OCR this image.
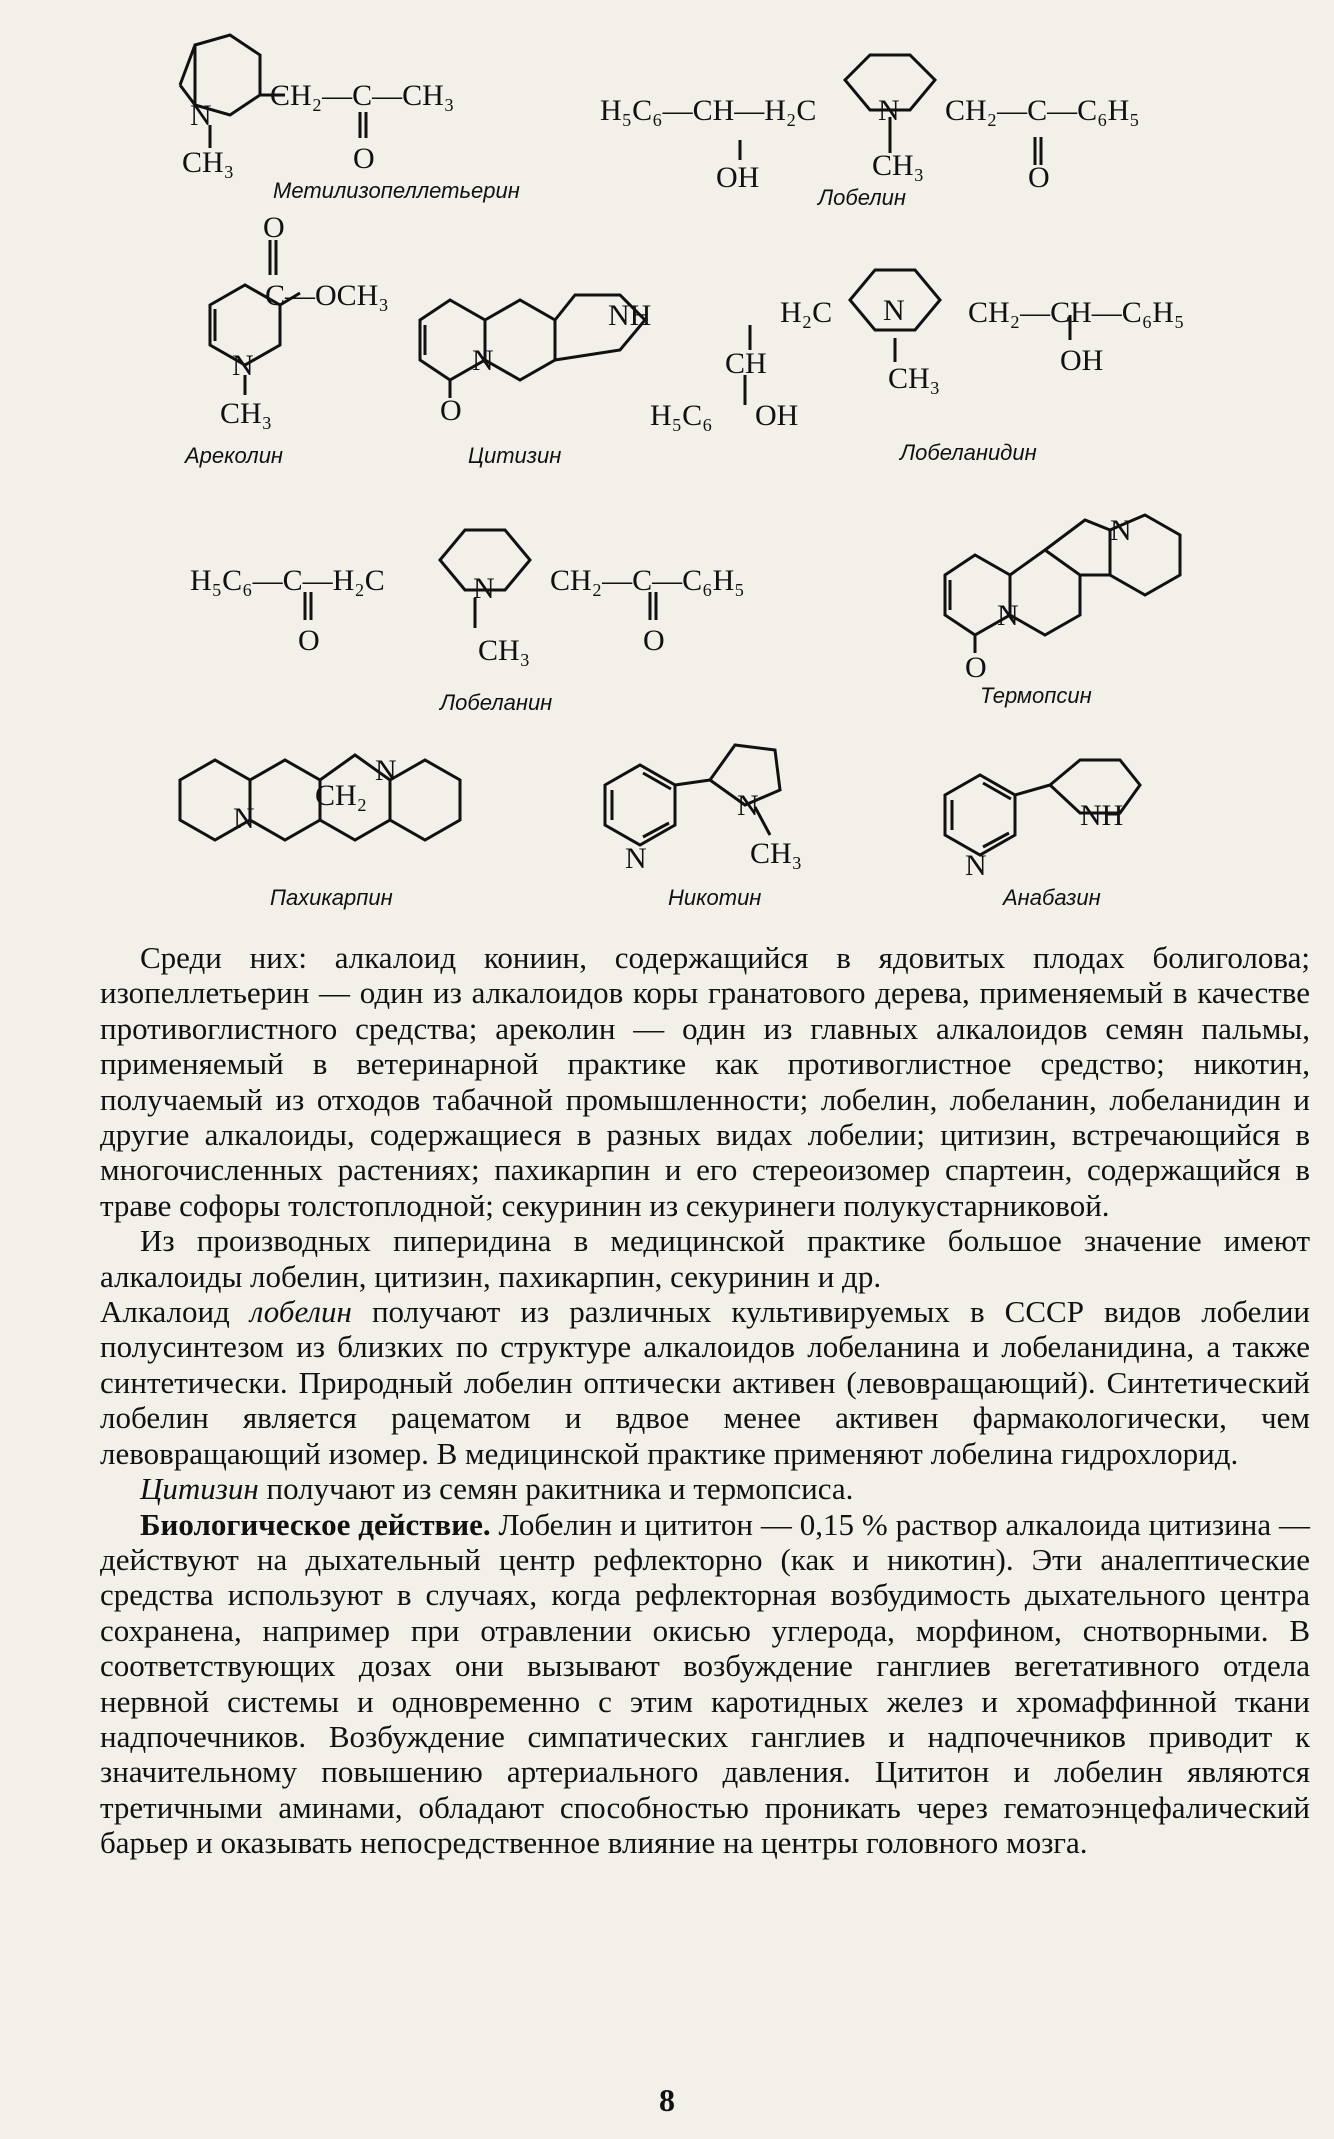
N
CH₃
CH₂—C—CH₃
O
Метилизопеллетьерин
H₅C₆—CH—H₂C
OH
N
CH₃
CH₂—C—C₆H₅
O
Лобелин
O
C—OCH₃
N
CH₃
Ареколин
N
NH
O
Цитизин
H₂C
CH
H₅C₆ OH
N
CH₃
CH₂—CH—C₆H₅
OH
Лобеланидин
H₅C₆—C—H₂C
O
N
CH₃
CH₂—C—C₆H₅
O
Лобеланин
N
N
O
Термопсин
N
N
CH₂
Пахикарпин
N
N
CH₃
Никотин
N
NH
Анабазин

Среди них: алкалоид кониин, содержащийся в ядовитых плодах болиголова; изопеллетьерин — один из алкалоидов коры гранатового дерева, применяемый в качестве противоглистного средства; ареколин — один из главных алкалоидов семян пальмы, применяемый в ветеринарной практике как противоглистное средство; никотин, получаемый из отходов табачной промышленности; лобелин, лобеланин, лобеланидин и другие алкалоиды, содержащиеся в разных видах лобелии; цитизин, встречающийся в многочисленных растениях; пахикарпин и его стереоизомер спартеин, содержащийся в траве софоры толстоплодной; секуринин из секуринеги полукустарниковой.

Из производных пиперидина в медицинской практике большое значение имеют алкалоиды лобелин, цитизин, пахикарпин, секуринин и др.

Алкалоид лобелин получают из различных культивируемых в СССР видов лобелии полусинтезом из близких по структуре алкалоидов лобеланина и лобеланидина, а также синтетически. Природный лобелин оптически активен (левовращающий). Синтетический лобелин является рацематом и вдвое менее активен фармакологически, чем левовращающий изомер. В медицинской практике применяют лобелина гидрохлорид.

Цитизин получают из семян ракитника и термопсиса.

Биологическое действие. Лобелин и цититон — 0,15 % раствор алкалоида цитизина — действуют на дыхательный центр рефлекторно (как и никотин). Эти аналептические средства используют в случаях, когда рефлекторная возбудимость дыхательного центра сохранена, например при отравлении окисью углерода, морфином, снотворными. В соответствующих дозах они вызывают возбуждение ганглиев вегетативного отдела нервной системы и одновременно с этим каротидных желез и хромаффинной ткани надпочечников. Возбуждение симпатических ганглиев и надпочечников приводит к значительному повышению артериального давления. Цититон и лобелин являются третичными аминами, обладают способностью проникать через гематоэнцефалический барьер и оказывать непосредственное влияние на центры головного мозга.

8
